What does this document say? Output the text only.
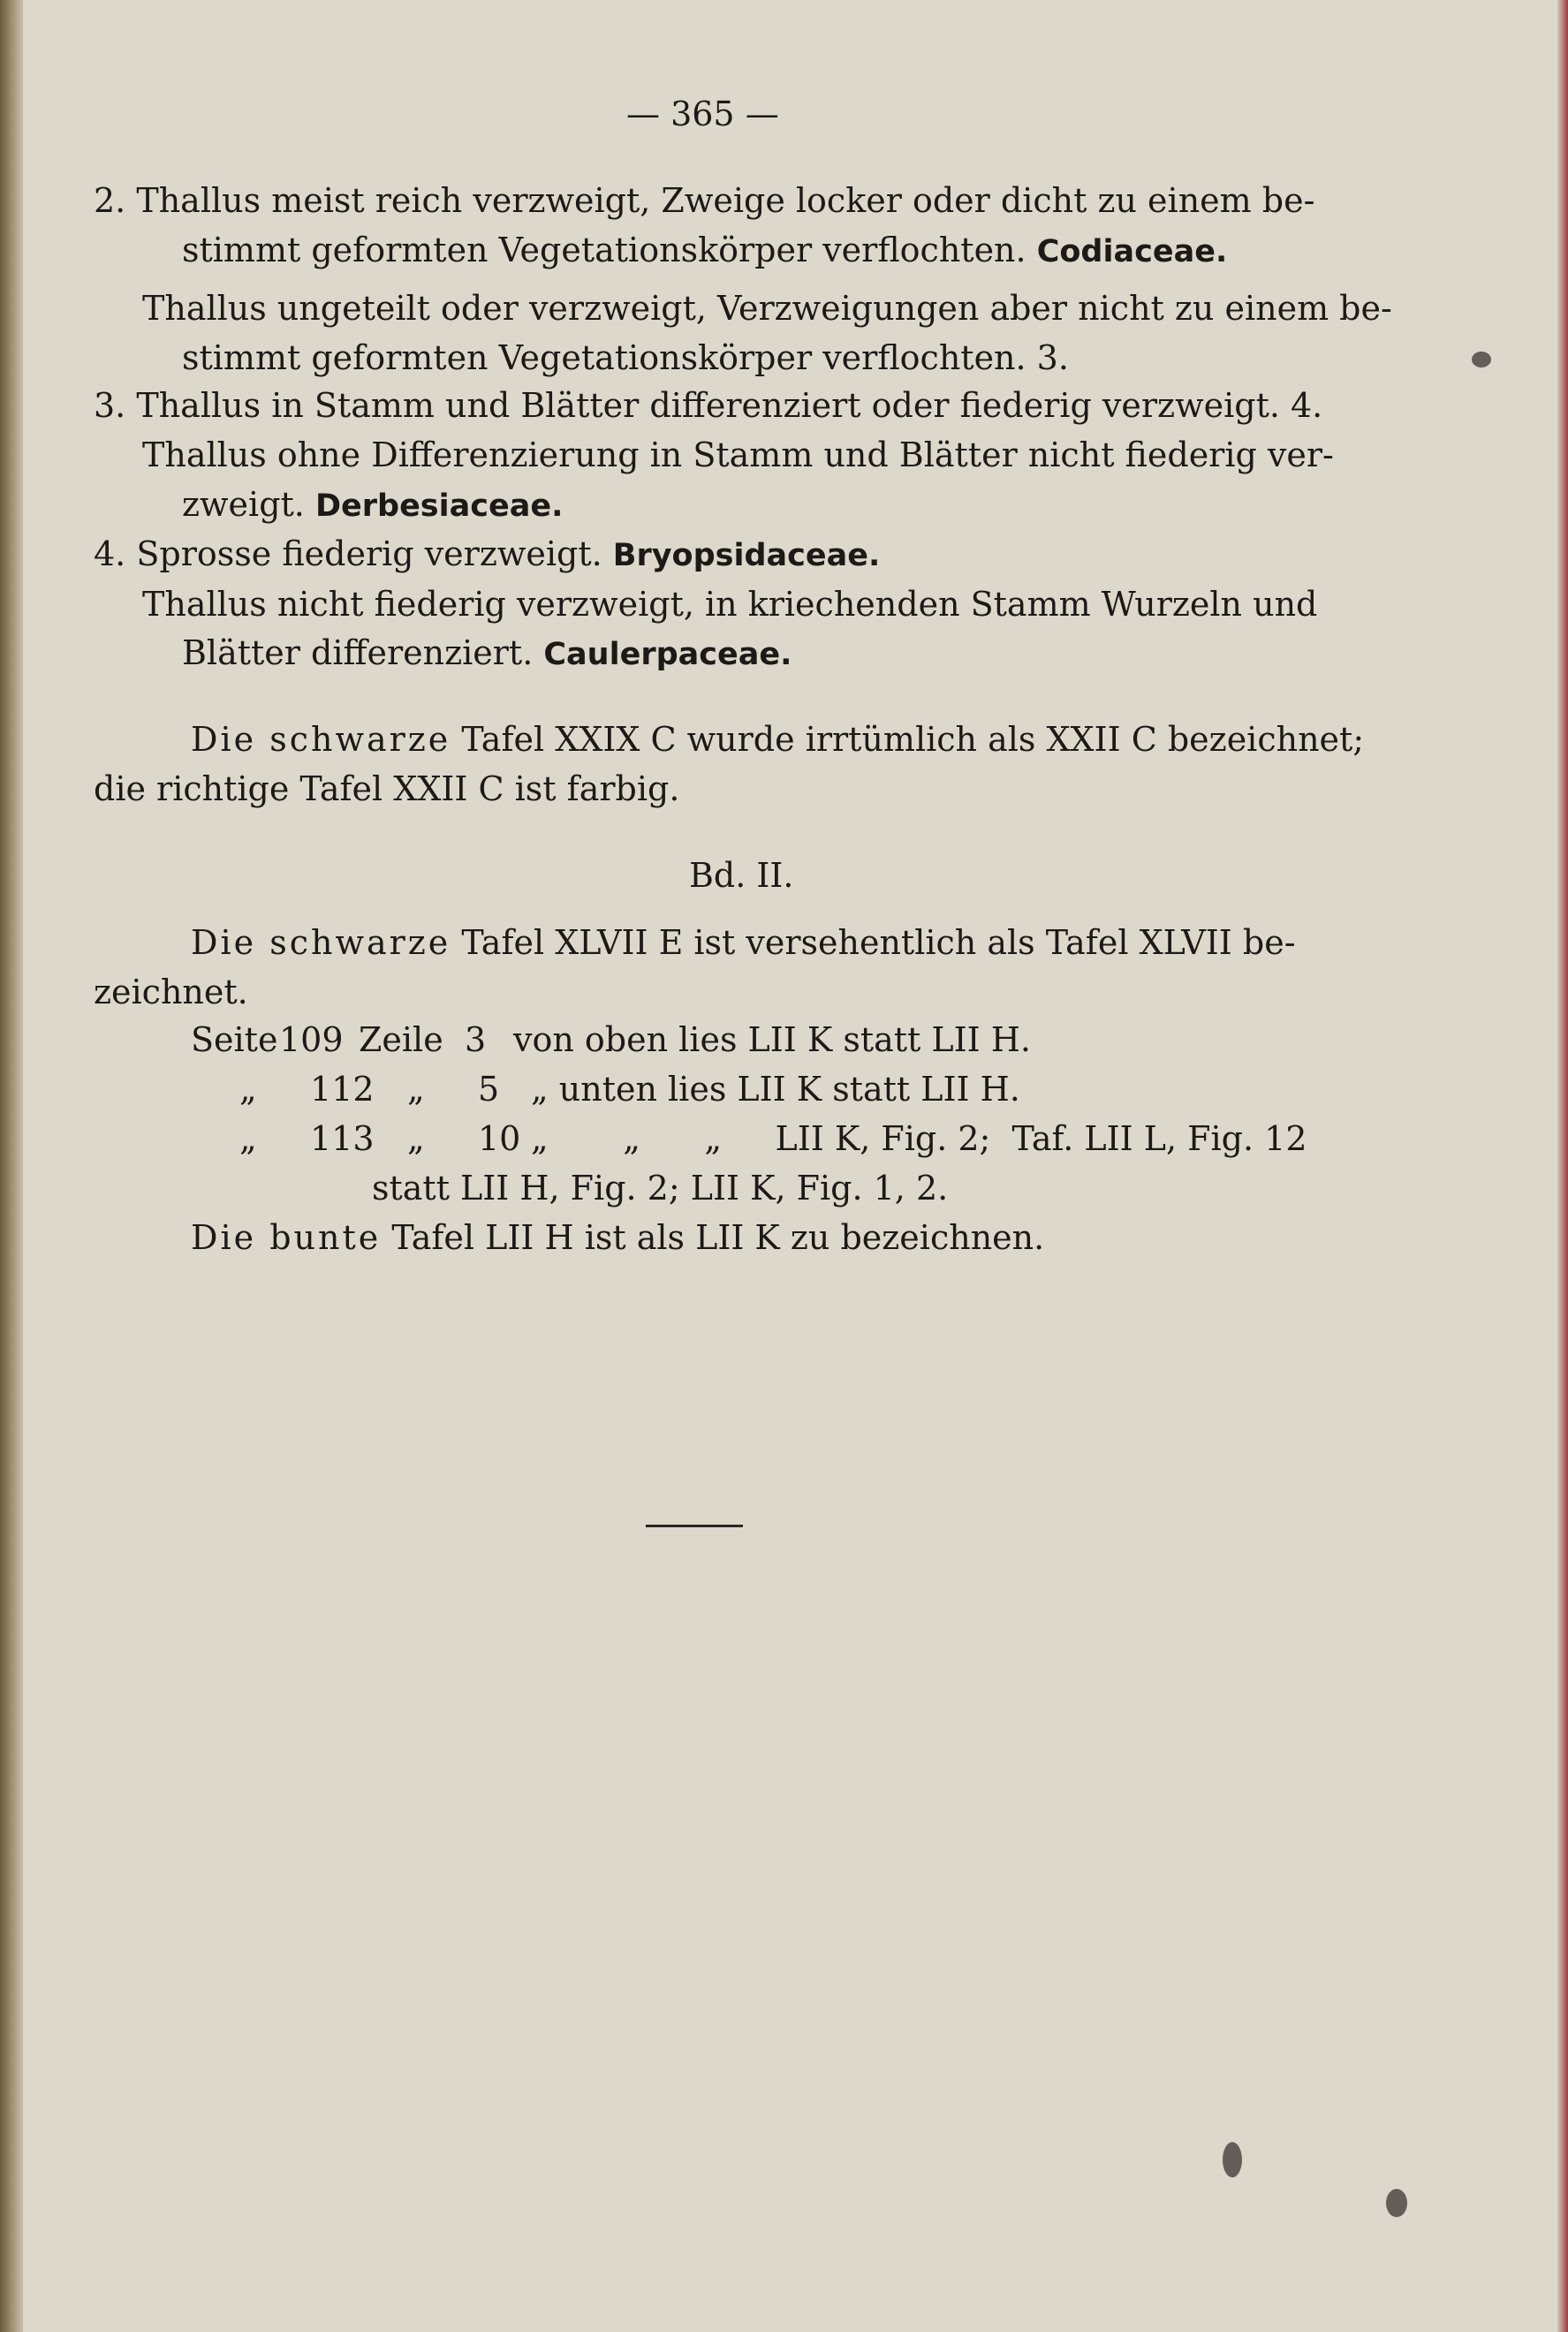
— 365 —
2.
Thallus meist reich verzweigt, Zweige locker oder dicht zu einem be-
stimmt geformten Vegetationskörper verflochten. Codiaceae.
Thallus ungeteilt oder verzweigt, Verzweigungen aber nicht zu einem be-
stimmt geformten Vegetationskörper verflochten. 3.
3. Thallus in Stamm und Blätter differenziert oder fiederig verzweigt. 4.
Thallus ohne Differenzierung in Stamm und Blätter nicht fiederig ver-
zweigt. Derbesiaceae.
4. Sprosse fiederig verzweigt. Bryopsidaceae.
Thallus nicht fiederig verzweigt, in kriechenden Stamm Wurzeln und
Blätter differenziert. Caulerpaceae.
Die schwarze Tafel XXIX C wurde irrtümlich als XXII C bezeichnet;
die richtige Tafel XXII C ist farbig.
Bd. II.
Die schwarze Tafel XLVII E ist versehentlich als Tafel XLVII be-
zeichnet.
Seite109 Zeile 3 von oben lies LII K statt LII H.
„ 112 „ 5 „ unten lies LII K statt LII H.
„ 113 „ 10 „       „      „     LII K, Fig. 2;  Taf. LII L, Fig. 12
statt LII H, Fig. 2; LII K, Fig. 1, 2.
Die bunte Tafel LII H ist als LII K zu bezeichnen.
